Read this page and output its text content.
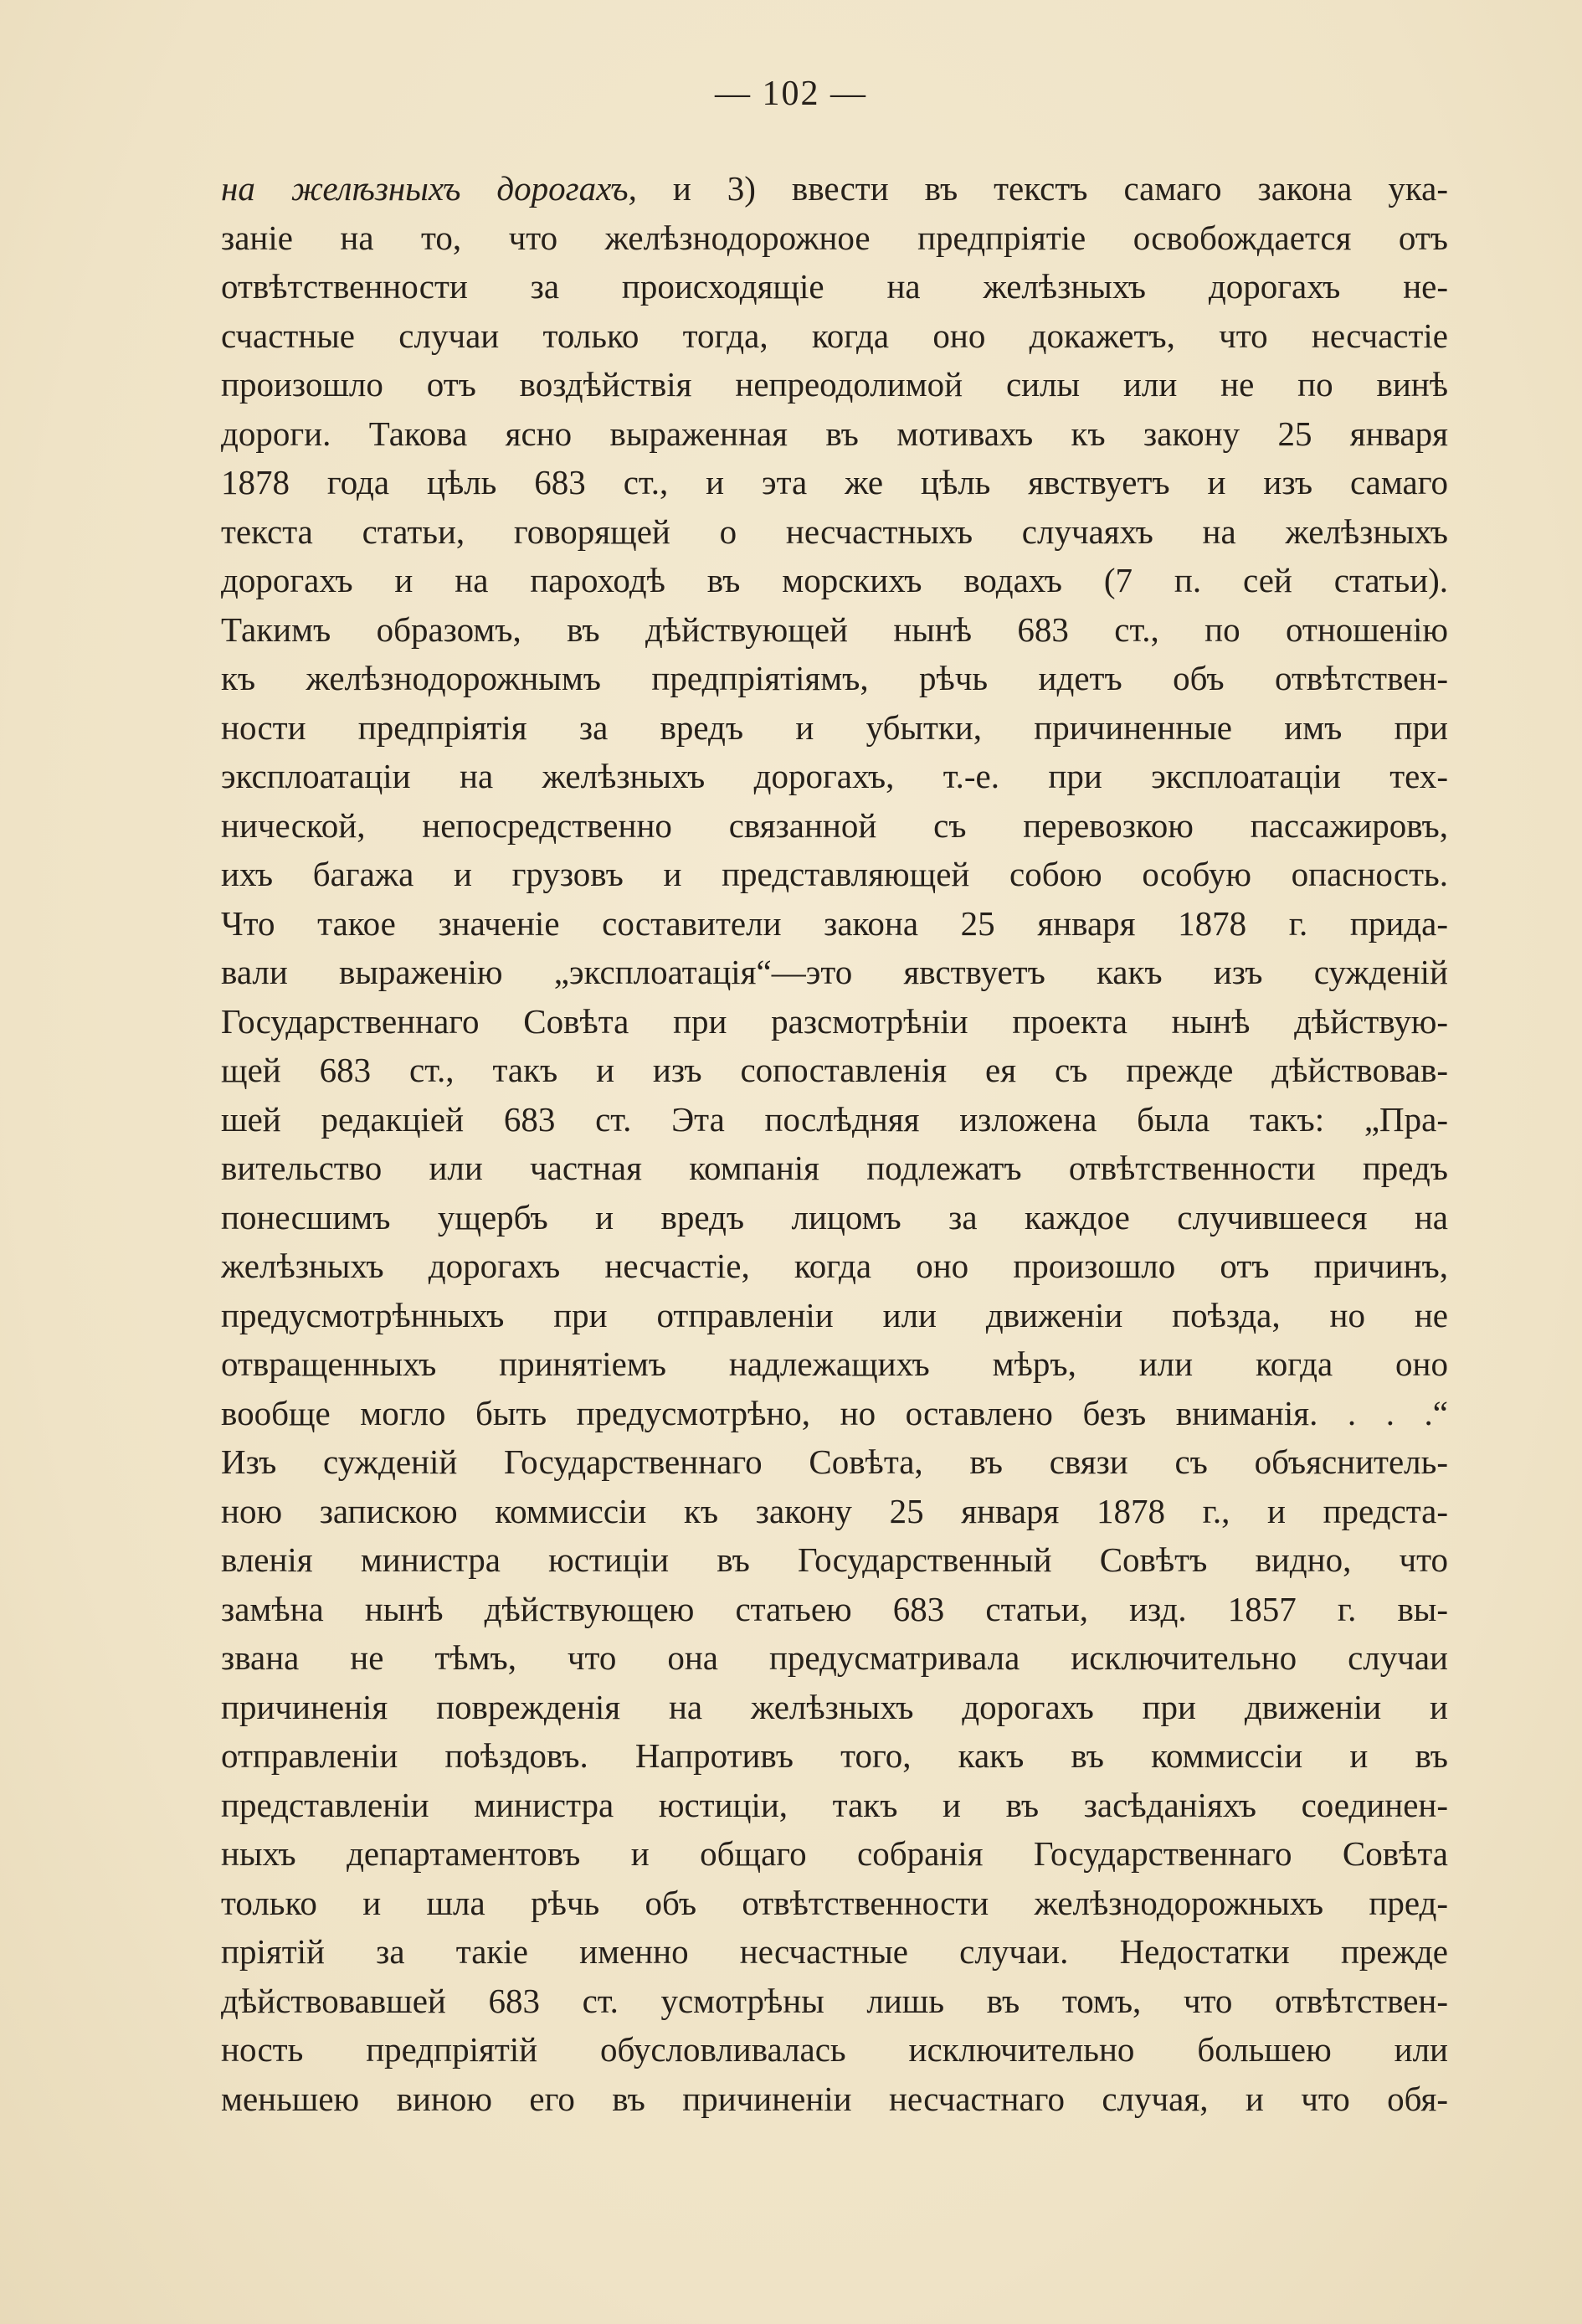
— 102 —
на желѣзныхъ дорогахъ, и 3) ввести въ текстъ самаго закона ука-
заніе на то, что желѣзнодорожное предпріятіе освобождается отъ
отвѣтственности за происходящіе на желѣзныхъ дорогахъ не-
счастные случаи только тогда, когда оно докажетъ, что несчастіе
произошло отъ воздѣйствія непреодолимой силы или не по винѣ
дороги. Такова ясно выраженная въ мотивахъ къ закону 25 января
1878 года цѣль 683 ст., и эта же цѣль явствуетъ и изъ самаго
текста статьи, говорящей о несчастныхъ случаяхъ на желѣзныхъ
дорогахъ и на пароходѣ въ морскихъ водахъ (7 п. сей статьи).
Такимъ образомъ, въ дѣйствующей нынѣ 683 ст., по отношенію
къ желѣзнодорожнымъ предпріятіямъ, рѣчь идетъ объ отвѣтствен-
ности предпріятія за вредъ и убытки, причиненные имъ при
эксплоатаціи на желѣзныхъ дорогахъ, т.-е. при эксплоатаціи тех-
нической, непосредственно связанной съ перевозкою пассажировъ,
ихъ багажа и грузовъ и представляющей собою особую опасность.
Что такое значеніе составители закона 25 января 1878 г. прида-
вали выраженію „эксплоатація“—это явствуетъ какъ изъ сужденій
Государственнаго Совѣта при разсмотрѣніи проекта нынѣ дѣйствую-
щей 683 ст., такъ и изъ сопоставленія ея съ прежде дѣйствовав-
шей редакціей 683 ст. Эта послѣдняя изложена была такъ: „Пра-
вительство или частная компанія подлежатъ отвѣтственности предъ
понесшимъ ущербъ и вредъ лицомъ за каждое случившееся на
желѣзныхъ дорогахъ несчастіе, когда оно произошло отъ причинъ,
предусмотрѣнныхъ при отправленіи или движеніи поѣзда, но не
отвращенныхъ принятіемъ надлежащихъ мѣръ, или когда оно
вообще могло быть предусмотрѣно, но оставлено безъ вниманія. . . .“
Изъ сужденій Государственнаго Совѣта, въ связи съ объяснитель-
ною запискою коммиссіи къ закону 25 января 1878 г., и предста-
вленія министра юстиціи въ Государственный Совѣтъ видно, что
замѣна нынѣ дѣйствующею статьею 683 статьи, изд. 1857 г. вы-
звана не тѣмъ, что она предусматривала исключительно случаи
причиненія поврежденія на желѣзныхъ дорогахъ при движеніи и
отправленіи поѣздовъ. Напротивъ того, какъ въ коммиссіи и въ
представленіи министра юстиціи, такъ и въ засѣданіяхъ соединен-
ныхъ департаментовъ и общаго собранія Государственнаго Совѣта
только и шла рѣчь объ отвѣтственности желѣзнодорожныхъ пред-
пріятій за такіе именно несчастные случаи. Недостатки прежде
дѣйствовавшей 683 ст. усмотрѣны лишь въ томъ, что отвѣтствен-
ность предпріятій обусловливалась исключительно большею или
меньшею виною его въ причиненіи несчастнаго случая, и что обя-
